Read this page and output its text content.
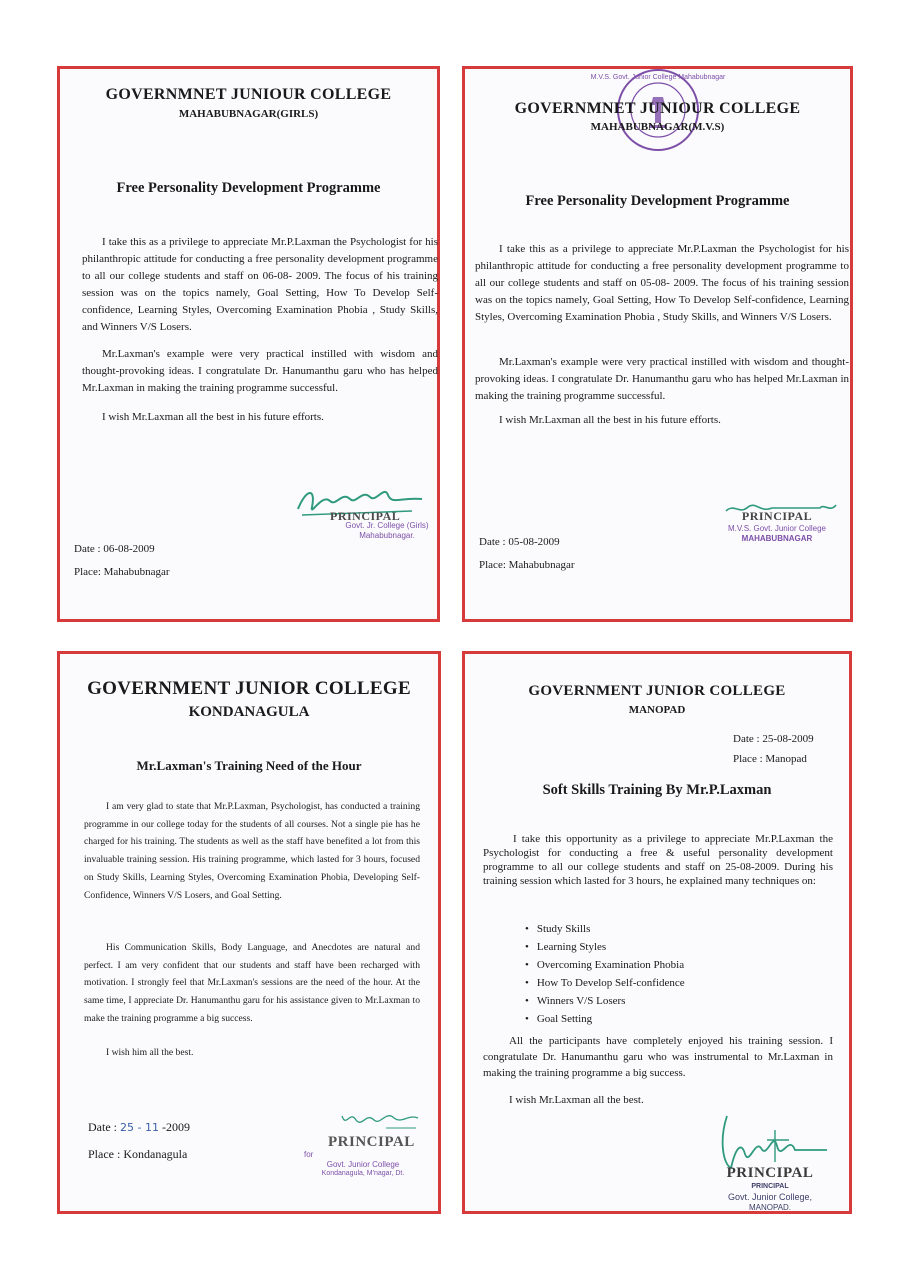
GOVERNMNET JUNIOUR COLLEGE
MAHABUBNAGAR(GIRLS)
Free Personality Development Programme

I take this as a privilege to appreciate Mr.P.Laxman the Psychologist for his philanthropic attitude for conducting a free personality development programme to all our college students and staff on 06-08- 2009. The focus of his training session was on the topics namely, Goal Setting, How To Develop Self-confidence, Learning Styles, Overcoming Examination Phobia , Study Skills, and Winners V/S Losers.

Mr.Laxman's example were very practical instilled with wisdom and thought-provoking ideas. I congratulate Dr. Hanumanthu garu who has helped Mr.Laxman in making the training programme successful.

I wish Mr.Laxman all the best in his future efforts.

PRINCIPAL
Govt. Jr. College (Girls)
Mahabubnagar.
Date : 06-08-2009
Place: Mahabubnagar
M.V.S. Govt. Junior College Mahabubnagar
GOVERNMNET JUNIOUR COLLEGE
MAHABUBNAGAR(M.V.S)
Free Personality Development Programme

I take this as a privilege to appreciate Mr.P.Laxman the Psychologist for his philanthropic attitude for conducting a free personality development programme to all our college students and staff on 05-08- 2009. The focus of his training session was on the topics namely, Goal Setting, How To Develop Self-confidence, Learning Styles, Overcoming Examination Phobia , Study Skills, and Winners V/S Losers.

Mr.Laxman's example were very practical instilled with wisdom and thought-provoking ideas. I congratulate Dr. Hanumanthu garu who has helped Mr.Laxman in making the training programme successful.

I wish Mr.Laxman all the best in his future efforts.

PRINCIPAL
M.V.S. Govt. Junior College
MAHABUBNAGAR
Date : 05-08-2009
Place: Mahabubnagar
GOVERNMENT JUNIOR COLLEGE
KONDANAGULA
Mr.Laxman's Training Need of the Hour

I am very glad to state that Mr.P.Laxman, Psychologist, has conducted a training programme in our college today for the students of all courses. Not a single pie has he charged for his training. The students as well as the staff have benefited a lot from this invaluable training session. His training programme, which lasted for 3 hours, focused on Study Skills, Learning Styles, Overcoming Examination Phobia, Developing Self-Confidence, Winners V/S Losers, and Goal Setting.

His Communication Skills, Body Language, and Anecdotes are natural and perfect. I am very confident that our students and staff have been recharged with motivation. I strongly feel that Mr.Laxman's sessions are the need of the hour. At the same time, I appreciate Dr. Hanumanthu garu for his assistance given to Mr.Laxman to make the training programme a big success.

I wish him all the best.

Date : 25 - 11 -2009
Place : Kondanagula
PRINCIPAL
for
Govt. Junior College
Kondanagula, M'nagar, Dt.
GOVERNMENT JUNIOR COLLEGE
MANOPAD
Date : 25-08-2009
Place : Manopad
Soft Skills Training By Mr.P.Laxman

I take this opportunity as a privilege to appreciate Mr.P.Laxman the Psychologist for conducting a free & useful personality development programme to all our college students and staff on 25-08-2009. During his training session which lasted for 3 hours, he explained many techniques on:

• Study Skills
• Learning Styles
• Overcoming Examination Phobia
• How To Develop Self-confidence
• Winners V/S Losers
• Goal Setting

All the participants have completely enjoyed his training session. I congratulate Dr. Hanumanthu garu who was instrumental to Mr.Laxman in making the training programme a big success.

I wish Mr.Laxman all the best.
PRINCIPAL
PRINCIPAL
Govt. Junior College,
MANOPAD.
